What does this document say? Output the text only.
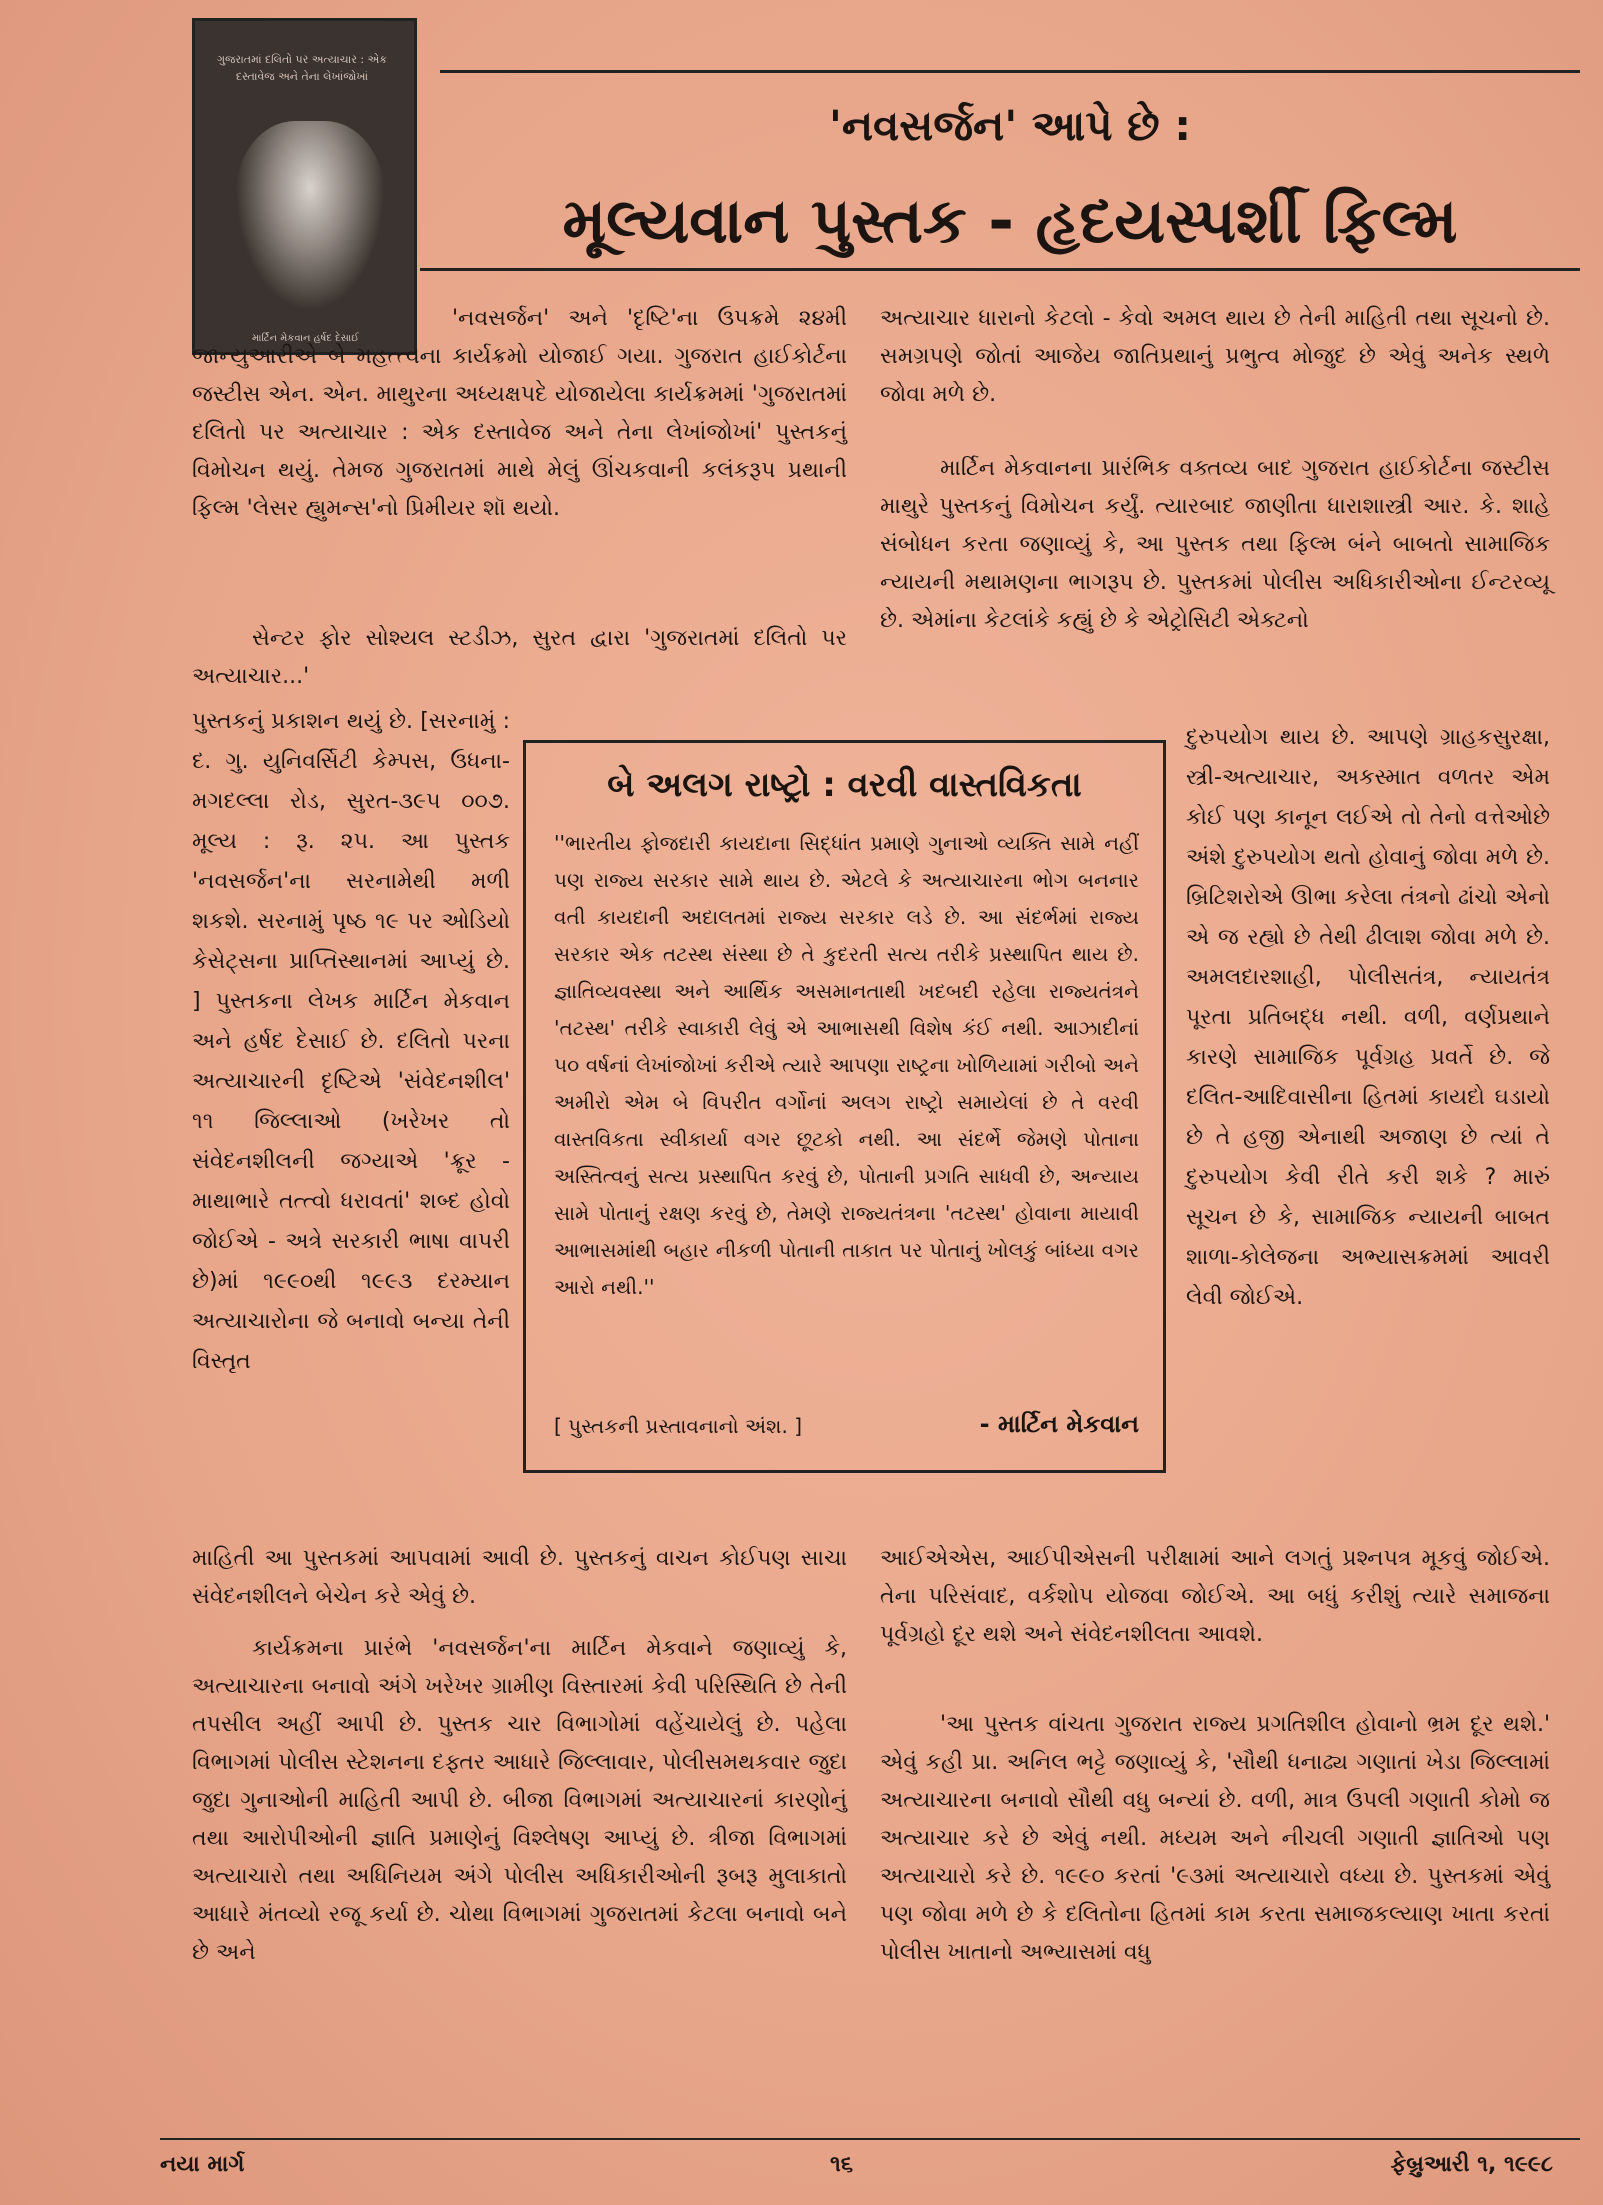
ગુજરાતમાં દલિતો પર અત્યાચાર : એક દસ્તાવેજ અને તેના લેખાંજોખાં
માર્ટિન મેકવાન હર્ષદ દેસાઈ
'નવસર્જન' આપે છે :
મૂલ્યવાન પુસ્તક - હૃદયસ્પર્શી ફિલ્મ

'નવસર્જન' અને 'દૃષ્ટિ'ના ઉપક્રમે ૨૪મી જાન્યુઆરીએ બે મહત્ત્વના કાર્યક્રમો યોજાઈ ગયા. ગુજરાત હાઈકોર્ટના જસ્ટીસ એન. એન. માથુરના અધ્યક્ષપદે યોજાયેલા કાર્યક્રમમાં 'ગુજરાતમાં દલિતો પર અત્યાચાર : એક દસ્તાવેજ અને તેના લેખાંજોખાં' પુસ્તકનું વિમોચન થયું. તેમજ ગુજરાતમાં માથે મેલું ઊંચકવાની કલંકરૂપ પ્રથાની ફિલ્મ 'લેસર હ્યુમન્સ'નો પ્રિમીયર શૉ થયો.

સેન્ટર ફોર સોશ્યલ સ્ટડીઝ, સુરત દ્વારા 'ગુજરાતમાં દલિતો પર અત્યાચાર...'

પુસ્તકનું પ્રકાશન થયું છે. [સરનામું : દ. ગુ. યુનિવર્સિટી કેમ્પસ, ઉધના-મગદલ્લા રોડ, સુરત-૩૯૫ ૦૦૭. મૂલ્ય : રૂ. ૨૫. આ પુસ્તક 'નવસર્જન'ના સરનામેથી મળી શકશે. સરનામું પૃષ્ઠ ૧૯ પર ઓડિયો કેસેટ્સના પ્રાપ્તિસ્થાનમાં આપ્યું છે. ] પુસ્તકના લેખક માર્ટિન મેકવાન અને હર્ષદ દેસાઈ છે. દલિતો પરના અત્યાચારની દૃષ્ટિએ 'સંવેદનશીલ' ૧૧ જિલ્લાઓ (ખરેખર તો સંવેદનશીલની જગ્યાએ 'ક્રૂર - માથાભારે તત્ત્વો ધરાવતાં' શબ્દ હોવો જોઈએ - અત્રે સરકારી ભાષા વાપરી છે)માં ૧૯૯૦થી ૧૯૯૩ દરમ્યાન અત્યાચારોના જે બનાવો બન્યા તેની વિસ્તૃત

બે અલગ રાષ્ટ્રો : વરવી વાસ્તવિકતા

''ભારતીય ફોજદારી કાયદાના સિદ્ધાંત પ્રમાણે ગુનાઓ વ્યક્તિ સામે નહીં પણ રાજ્ય સરકાર સામે થાય છે. એટલે કે અત્યાચારના ભોગ બનનાર વતી કાયદાની અદાલતમાં રાજ્ય સરકાર લડે છે. આ સંદર્ભમાં રાજ્ય સરકાર એક તટસ્થ સંસ્થા છે તે કુદરતી સત્ય તરીકે પ્રસ્થાપિત થાય છે. જ્ઞાતિવ્યવસ્થા અને આર્થિક અસમાનતાથી ખદબદી રહેલા રાજ્યતંત્રને 'તટસ્થ' તરીકે સ્વાકારી લેવું એ આભાસથી વિશેષ કંઈ નથી. આઝાદીનાં ૫૦ વર્ષનાં લેખાંજોખાં કરીએ ત્યારે આપણા રાષ્ટ્રના ખોળિયામાં ગરીબો અને અમીરો એમ બે વિપરીત વર્ગોનાં અલગ રાષ્ટ્રો સમાયેલાં છે તે વરવી વાસ્તવિકતા સ્વીકાર્યા વગર છૂટકો નથી. આ સંદર્ભે જેમણે પોતાના અસ્તિત્વનું સત્ય પ્રસ્થાપિત કરવું છે, પોતાની પ્રગતિ સાધવી છે, અન્યાય સામે પોતાનું રક્ષણ કરવું છે, તેમણે રાજ્યતંત્રના 'તટસ્થ' હોવાના માયાવી આભાસમાંથી બહાર નીકળી પોતાની તાકાત પર પોતાનું ખોલકું બાંધ્યા વગર આરો નથી.''

[ પુસ્તકની પ્રસ્તાવનાનો અંશ. ]	- માર્ટિન મેકવાન

માહિતી આ પુસ્તકમાં આપવામાં આવી છે. પુસ્તકનું વાચન કોઈપણ સાચા સંવેદનશીલને બેચેન કરે એવું છે.

કાર્યક્રમના પ્રારંભે 'નવસર્જન'ના માર્ટિન મેકવાને જણાવ્યું કે, અત્યાચારના બનાવો અંગે ખરેખર ગ્રામીણ વિસ્તારમાં કેવી પરિસ્થિતિ છે તેની તપસીલ અહીં આપી છે. પુસ્તક ચાર વિભાગોમાં વહેંચાયેલું છે. પહેલા વિભાગમાં પોલીસ સ્ટેશનના દફ્તર આધારે જિલ્લાવાર, પોલીસમથકવાર જુદા જુદા ગુનાઓની માહિતી આપી છે. બીજા વિભાગમાં અત્યાચારનાં કારણોનું તથા આરોપીઓની જ્ઞાતિ પ્રમાણેનું વિશ્લેષણ આપ્યું છે. ત્રીજા વિભાગમાં અત્યાચારો તથા અધિનિયમ અંગે પોલીસ અધિકારીઓની રૂબરૂ મુલાકાતો આધારે મંતવ્યો રજૂ કર્યા છે. ચોથા વિભાગમાં ગુજરાતમાં કેટલા બનાવો બને છે અને

અત્યાચાર ધારાનો કેટલો - કેવો અમલ થાય છે તેની માહિતી તથા સૂચનો છે. સમગ્રપણે જોતાં આજેય જાતિપ્રથાનું પ્રભુત્વ મોજુદ છે એવું અનેક સ્થળે જોવા મળે છે.

માર્ટિન મેકવાનના પ્રારંભિક વક્તવ્ય બાદ ગુજરાત હાઈકોર્ટના જસ્ટીસ માથુરે પુસ્તકનું વિમોચન કર્યું. ત્યારબાદ જાણીતા ધારાશાસ્ત્રી આર. કે. શાહે સંબોધન કરતા જણાવ્યું કે, આ પુસ્તક તથા ફિલ્મ બંને બાબતો સામાજિક ન્યાયની મથામણના ભાગરૂપ છે. પુસ્તકમાં પોલીસ અધિકારીઓના ઈન્ટરવ્યૂ છે. એમાંના કેટલાંકે કહ્યું છે કે એટ્રોસિટી એક્ટનો

દુરુપયોગ થાય છે. આપણે ગ્રાહકસુરક્ષા, સ્ત્રી-અત્યાચાર, અકસ્માત વળતર એમ કોઈ પણ કાનૂન લઈએ તો તેનો વત્તેઓછે અંશે દુરુપયોગ થતો હોવાનું જોવા મળે છે. બ્રિટિશરોએ ઊભા કરેલા તંત્રનો ઢાંચો એનો એ જ રહ્યો છે તેથી ઢીલાશ જોવા મળે છે. અમલદારશાહી, પોલીસતંત્ર, ન્યાયતંત્ર પૂરતા પ્રતિબદ્ધ નથી. વળી, વર્ણપ્રથાને કારણે સામાજિક પૂર્વગ્રહ પ્રવર્તે છે. જે દલિત-આદિવાસીના હિતમાં કાયદો ઘડાયો છે તે હજી એનાથી અજાણ છે ત્યાં તે દુરુપયોગ કેવી રીતે કરી શકે ? મારું સૂચન છે કે, સામાજિક ન્યાયની બાબત શાળા-કોલેજના અભ્યાસક્રમમાં આવરી લેવી જોઈએ.

આઈએએસ, આઈપીએસની પરીક્ષામાં આને લગતું પ્રશ્નપત્ર મૂકવું જોઈએ. તેના પરિસંવાદ, વર્કશોપ યોજવા જોઈએ. આ બધું કરીશું ત્યારે સમાજના પૂર્વગ્રહો દૂર થશે અને સંવેદનશીલતા આવશે.

'આ પુસ્તક વાંચતા ગુજરાત રાજ્ય પ્રગતિશીલ હોવાનો ભ્રમ દૂર થશે.' એવું કહી પ્રા. અનિલ ભટ્ટે જણાવ્યું કે, 'સૌથી ધનાઢ્ય ગણાતાં ખેડા જિલ્લામાં અત્યાચારના બનાવો સૌથી વધુ બન્યાં છે. વળી, માત્ર ઉપલી ગણાતી કોમો જ અત્યાચાર કરે છે એવું નથી. મધ્યમ અને નીચલી ગણાતી જ્ઞાતિઓ પણ અત્યાચારો કરે છે. ૧૯૯૦ કરતાં '૯૩માં અત્યાચારો વધ્યા છે. પુસ્તકમાં એવું પણ જોવા મળે છે કે દલિતોના હિતમાં કામ કરતા સમાજકલ્યાણ ખાતા કરતાં પોલીસ ખાતાનો અભ્યાસમાં વધુ

નયા માર્ગ	૧૬	ફેબ્રુઆરી ૧, ૧૯૯૮
